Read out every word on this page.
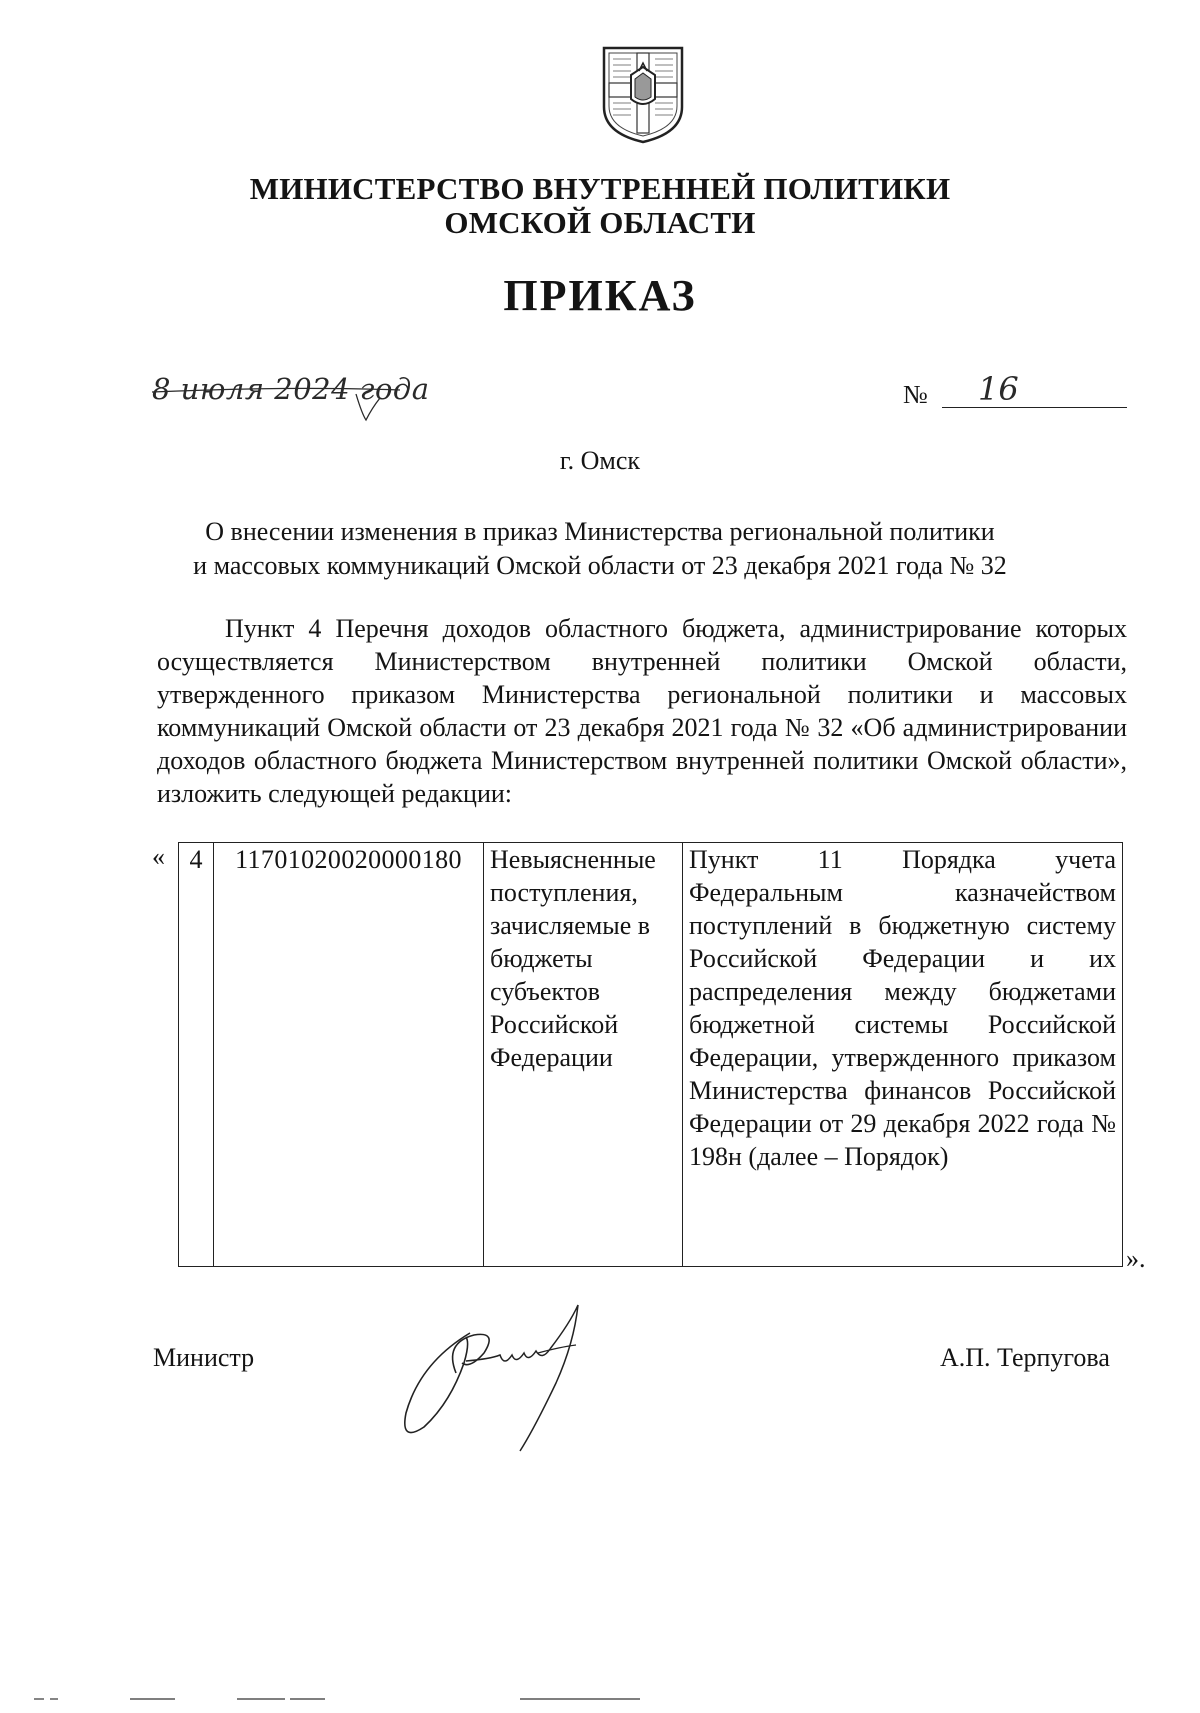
МИНИСТЕРСТВО ВНУТРЕННЕЙ ПОЛИТИКИ
ОМСКОЙ ОБЛАСТИ
ПРИКАЗ
8 июля 2024 года	№ 16
г. Омск
О внесении изменения в приказ Министерства региональной политики
и массовых коммуникаций Омской области от 23 декабря 2021 года № 32

Пункт 4 Перечня доходов областного бюджета, администрирование которых осуществляется Министерством внутренней политики Омской области, утвержденного приказом Министерства региональной политики и массовых коммуникаций Омской области от 23 декабря 2021 года № 32 «Об администрировании доходов областного бюджета Министерством внутренней политики Омской области», изложить следующей редакции:

« 4	11701020020000180	Невыясненные поступления, зачисляемые в бюджеты субъектов Российской Федерации	Пункт 11 Порядка учета Федеральным казначейством поступлений в бюджетную систему Российской Федерации и их распределения между бюджетами бюджетной системы Российской Федерации, утвержденного приказом Министерства финансов Российской Федерации от 29 декабря 2022 года № 198н (далее – Порядок)
».
Министр	А.П. Терпугова
